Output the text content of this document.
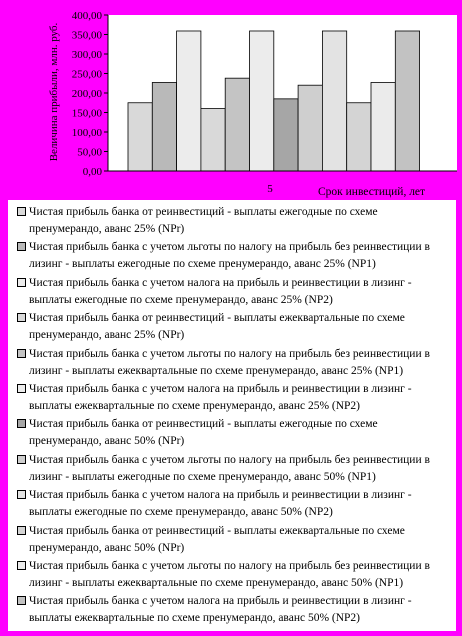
0,00
50,00
100,00
150,00
200,00
250,00
300,00
350,00
400,00
Величина прибыли, млн. руб.
5	Срок инвестиций, лет
Чистая прибыль банка от реинвестиций - выплаты ежегодные по схеме пренумерандо, аванс 25% (NPr)
Чистая прибыль банка с учетом льготы по налогу на прибыль без реинвестиции в лизинг - выплаты ежегодные по схеме пренумерандо, аванс 25% (NP1)
Чистая прибыль банка с учетом налога на прибыль и реинвестиции в лизинг - выплаты ежегодные по схеме пренумерандо, аванс 25% (NP2)
Чистая прибыль банка от реинвестиций - выплаты ежеквартальные по схеме пренумерандо, аванс 25% (NPr)
Чистая прибыль банка с учетом льготы по налогу на прибыль без реинвестиции в лизинг - выплаты ежеквартальные по схеме пренумерандо, аванс 25% (NP1)
Чистая прибыль банка с учетом налога на прибыль и реинвестиции в лизинг - выплаты ежеквартальные по схеме пренумерандо, аванс 25% (NP2)
Чистая прибыль банка от реинвестиций - выплаты ежегодные по схеме пренумерандо, аванс 50% (NPr)
Чистая прибыль банка с учетом льготы по налогу на прибыль без реинвестиции в лизинг - выплаты ежегодные по схеме пренумерандо, аванс 50% (NP1)
Чистая прибыль банка с учетом налога на прибыль и реинвестиции в лизинг - выплаты ежегодные по схеме пренумерандо, аванс 50% (NP2)
Чистая прибыль банка от реинвестиций - выплаты ежеквартальные по схеме пренумерандо, аванс 50% (NPr)
Чистая прибыль банка с учетом льготы по налогу на прибыль без реинвестиции в лизинг - выплаты ежеквартальные по схеме пренумерандо, аванс 50% (NP1)
Чистая прибыль банка с учетом налога на прибыль и реинвестиции в лизинг - выплаты ежеквартальные по схеме пренумерандо, аванс 50% (NP2)
